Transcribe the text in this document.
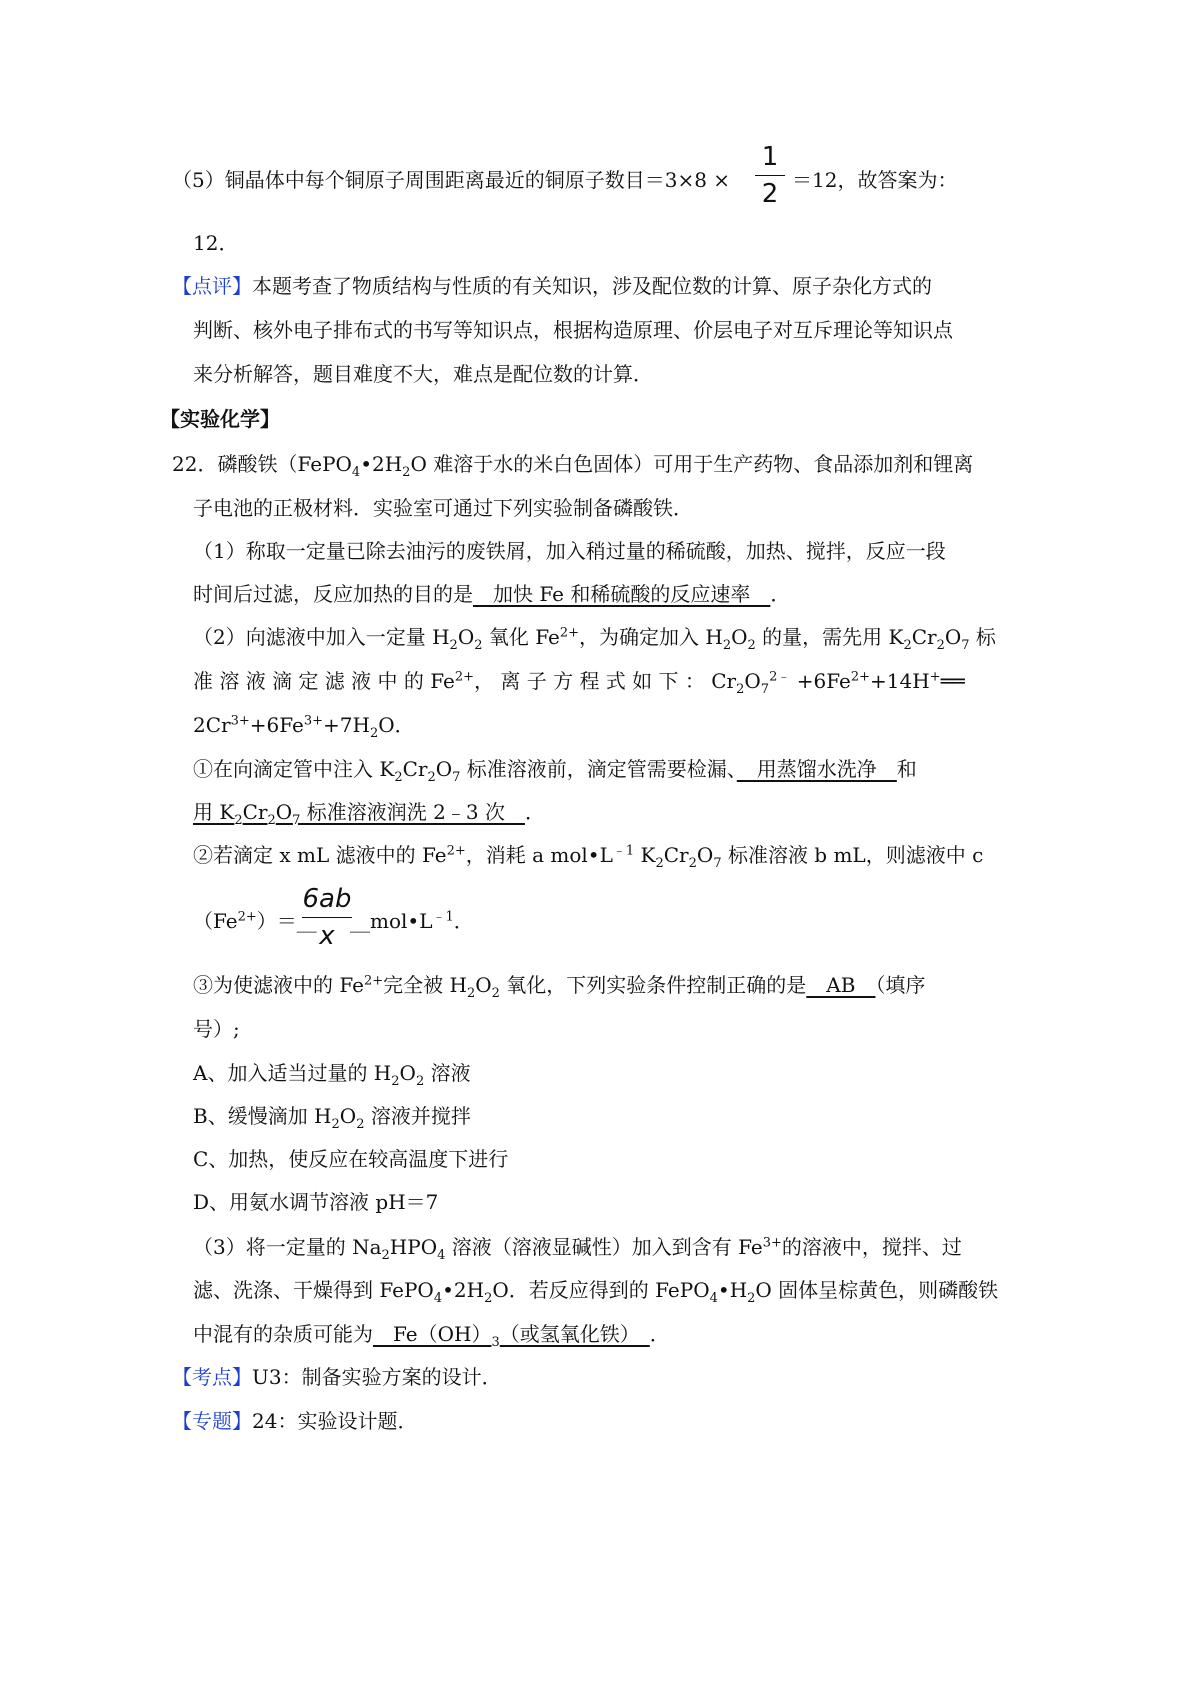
（5）铜晶体中每个铜原子周围距离最近的铜原子数目＝3×8 ×
1
2 ＝12，故答案为：
12．
【点评】本题考查了物质结构与性质的有关知识，涉及配位数的计算、原子杂化方式的
判断、核外电子排布式的书写等知识点，根据构造原理、价层电子对互斥理论等知识点
来分析解答，题目难度不大，难点是配位数的计算．
【实验化学】
22．磷酸铁（$FePO_4•2H_2O$ 难溶于水的米白色固体）可用于生产药物、食品添加剂和锂离
子电池的正极材料．实验室可通过下列实验制备磷酸铁．
（1）称取一定量已除去油污的废铁屑，加入稍过量的稀硫酸，加热、搅拌，反应一段
时间后过滤，反应加热的目的是　加快 Fe 和稀硫酸的反应速率　．
（2）向滤液中加入一定量 $H_2O_2$ 氧化 $Fe^{2+}$，为确定加入 $H_2O_2$ 的量，需先用 $K_2Cr_2O_7$ 标
准 溶 液 滴 定 滤 液 中 的 $Fe^{2+}$， 离 子 方 程 式 如 下 ： $Cr_2O_7^{2﹣}$ $+6Fe^{2+}+14H^+══$
$2Cr^{3+}+6Fe^{3+}+7H_2O$．
①在向滴定管中注入 $K_2Cr_2O_7$ 标准溶液前，滴定管需要检漏、　用蒸馏水洗净　和
用 $K_2Cr_2O_7$ 标准溶液润洗 2﹣3 次　．
②若滴定 x mL 滤液中的 $Fe^{2+}$，消耗 a $mol•L^{﹣1}$ $K_2Cr_2O_7$ 标准溶液 b mL，则滤液中 c
$(Fe^{2+})=\_\_$
6ab
x $\_\_mol•L^{﹣1}$．
③为使滤液中的 $Fe^{2+}$完全被 $H_2O_2$ 氧化，下列实验条件控制正确的是　AB　（填序
号）;
A、加入适当过量的 $H_2O_2$ 溶液
B、缓慢滴加 $H_2O_2$ 溶液并搅拌
C、加热，使反应在较高温度下进行
D、用氨水调节溶液 pH＝7
（3）将一定量的 $Na_2HPO_4$ 溶液（溶液显碱性）加入到含有 $Fe^{3+}$的溶液中，搅拌、过
滤、洗涤、干燥得到 $FePO_4•2H_2O$．若反应得到的 $FePO_4•H_2O$ 固体呈棕黄色，则磷酸铁
中混有的杂质可能为　$Fe(OH)_3$（或氢氧化铁）　．
【考点】U3：制备实验方案的设计．
【专题】24：实验设计题．
